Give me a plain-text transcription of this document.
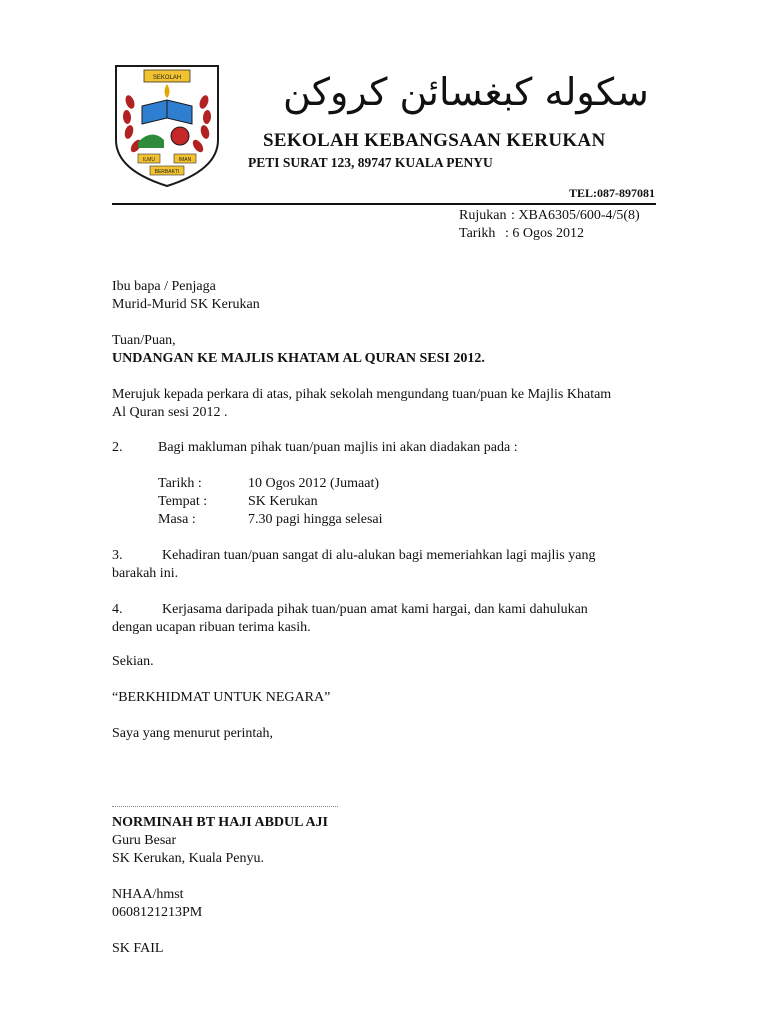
SEKOLAH
ILMU	IMAN
BERBAKTI
سكوله كبغسائن كروكن
SEKOLAH KEBANGSAAN KERUKAN
PETI SURAT 123, 89747 KUALA PENYU
TEL:087-897081
Rujukan : XBA6305/600-4/5(8)
Tarikh : 6 Ogos 2012
Ibu bapa / Penjaga
Murid-Murid SK Kerukan
Tuan/Puan,
UNDANGAN KE MAJLIS KHATAM AL QURAN SESI 2012.
Merujuk kepada perkara di atas, pihak sekolah mengundang tuan/puan ke Majlis Khatam
Al Quran sesi 2012 .
2.	Bagi makluman pihak tuan/puan majlis ini akan diadakan pada :
Tarikh :	10 Ogos 2012 (Jumaat)
Tempat :	SK Kerukan
Masa :	7.30 pagi hingga selesai
3.	Kehadiran tuan/puan sangat di alu-alukan bagi memeriahkan lagi majlis yang
barakah ini.
4.	Kerjasama daripada pihak tuan/puan amat kami hargai, dan kami dahulukan
dengan ucapan ribuan terima kasih.
Sekian.
“BERKHIDMAT UNTUK NEGARA”
Saya yang menurut perintah,
NORMINAH BT HAJI ABDUL AJI
Guru Besar
SK Kerukan, Kuala Penyu.
NHAA/hmst
0608121213PM
SK FAIL
